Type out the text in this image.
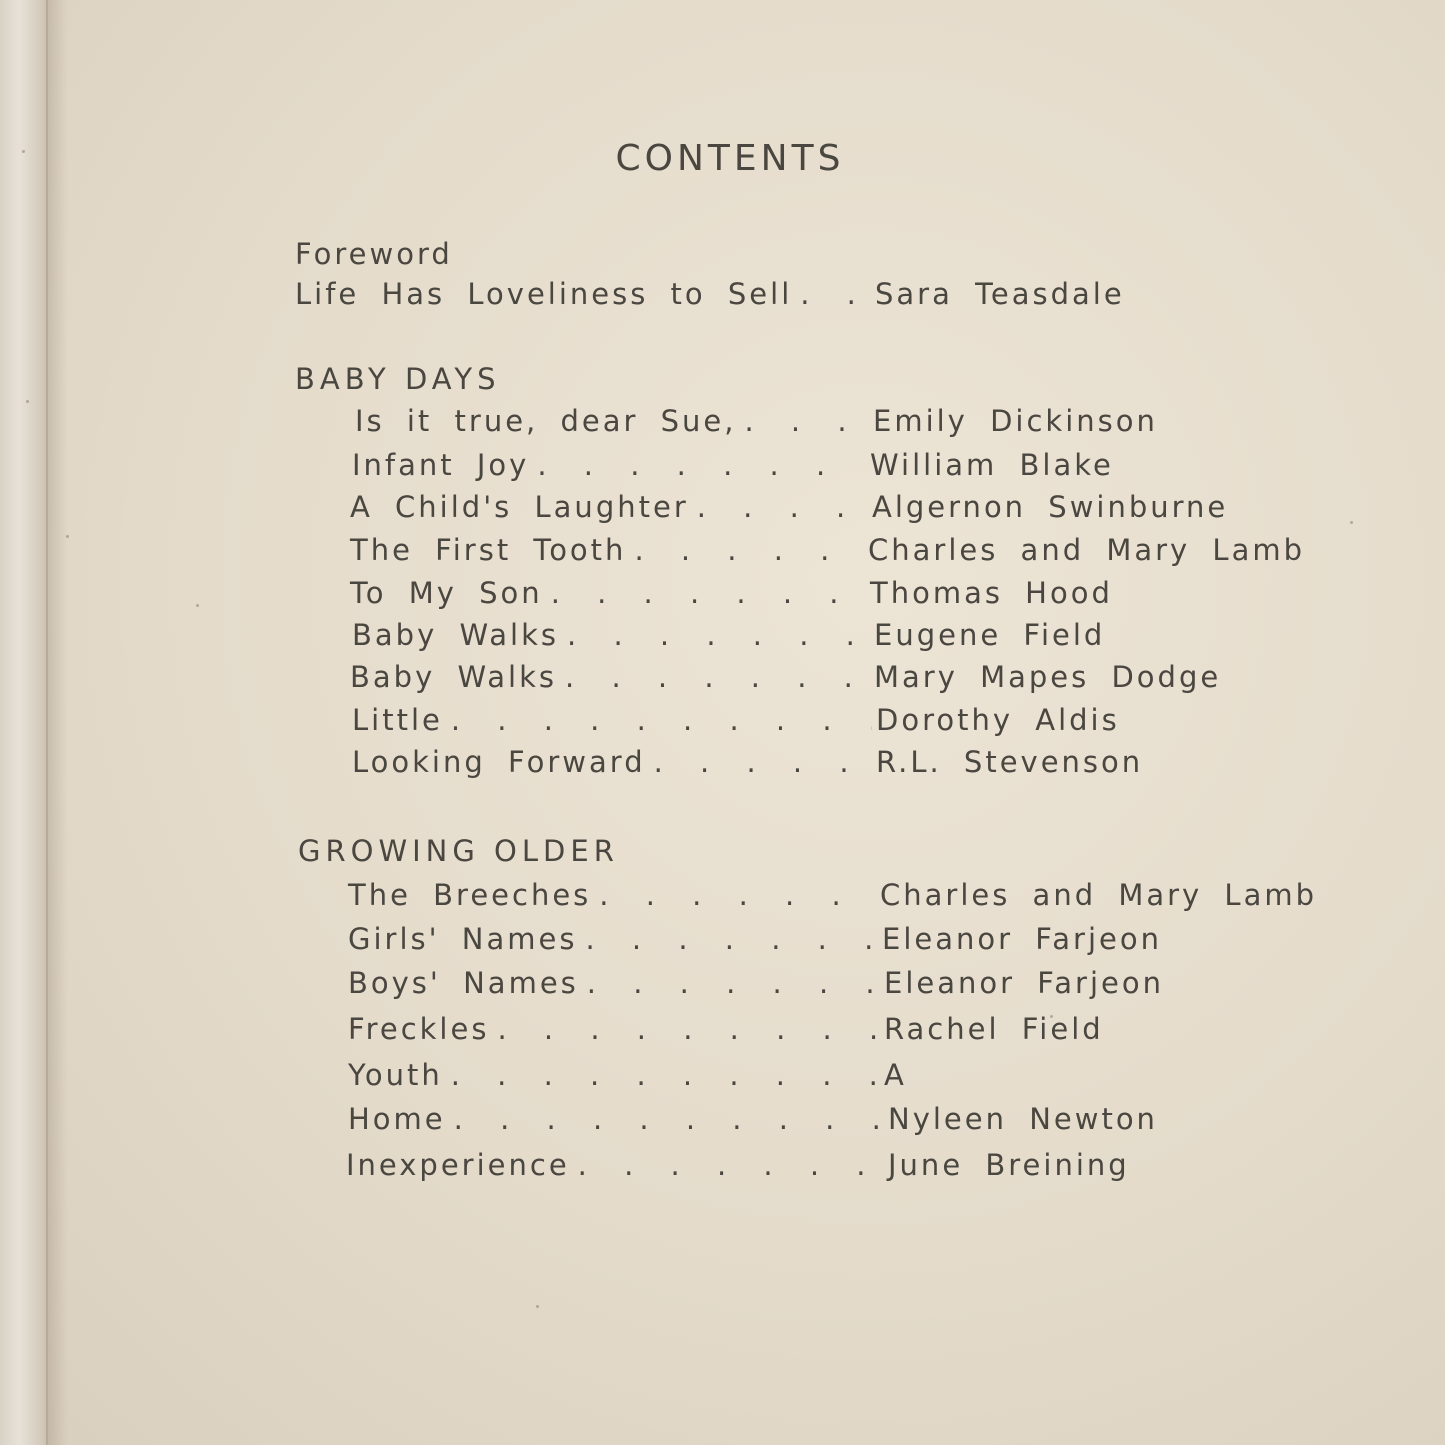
CONTENTS
Foreword
Life Has Loveliness to Sell . . .	Sara Teasdale
BABY DAYS
Is it true, dear Sue, . . .	Emily Dickinson
Infant Joy . . .	William Blake
A Child's Laughter . . .	Algernon Swinburne
The First Tooth . . .	Charles and Mary Lamb
To My Son . . .	Thomas Hood
Baby Walks . . .	Eugene Field
Baby Walks . . .	Mary Mapes Dodge
Little . . .	Dorothy Aldis
Looking Forward . . .	R.L. Stevenson
GROWING OLDER
The Breeches . . .	Charles and Mary Lamb
Girls' Names . . .	Eleanor Farjeon
Boys' Names . . .	Eleanor Farjeon
Freckles . . .	Rachel Field
Youth . . .	A
Home . . .	Nyleen Newton
Inexperience . . .	June Breining
